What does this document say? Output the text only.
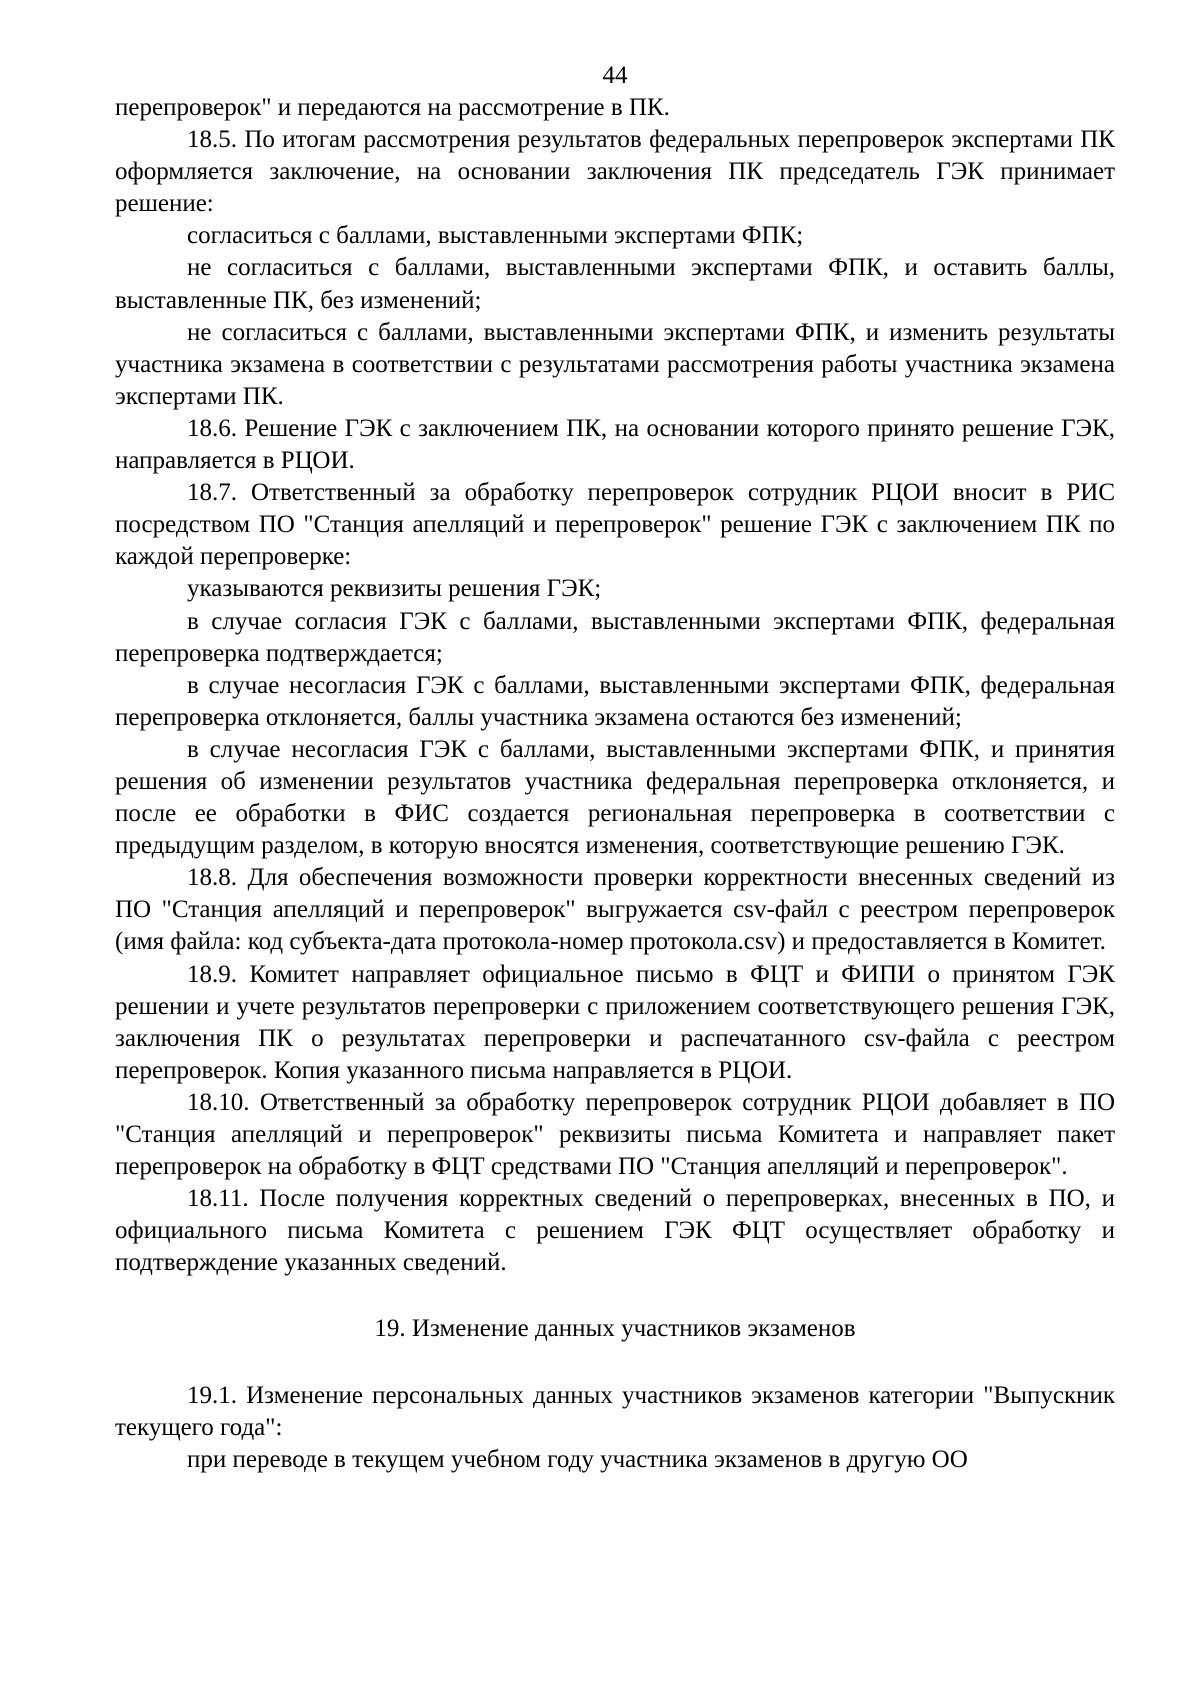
44

перепроверок" и передаются на рассмотрение в ПК.

18.5. По итогам рассмотрения результатов федеральных перепроверок экспертами ПК оформляется заключение, на основании заключения ПК председатель ГЭК принимает решение:

согласиться с баллами, выставленными экспертами ФПК;

не согласиться с баллами, выставленными экспертами ФПК, и оставить баллы, выставленные ПК, без изменений;

не согласиться с баллами, выставленными экспертами ФПК, и изменить результаты участника экзамена в соответствии с результатами рассмотрения работы участника экзамена экспертами ПК.

18.6. Решение ГЭК с заключением ПК, на основании которого принято решение ГЭК, направляется в РЦОИ.

18.7. Ответственный за обработку перепроверок сотрудник РЦОИ вносит в РИС посредством ПО "Станция апелляций и перепроверок" решение ГЭК с заключением ПК по каждой перепроверке:

указываются реквизиты решения ГЭК;

в случае согласия ГЭК с баллами, выставленными экспертами ФПК, федеральная перепроверка подтверждается;

в случае несогласия ГЭК с баллами, выставленными экспертами ФПК, федеральная перепроверка отклоняется, баллы участника экзамена остаются без изменений;

в случае несогласия ГЭК с баллами, выставленными экспертами ФПК, и принятия решения об изменении результатов участника федеральная перепроверка отклоняется, и после ее обработки в ФИС создается региональная перепроверка в соответствии с предыдущим разделом, в которую вносятся изменения, соответствующие решению ГЭК.

18.8. Для обеспечения возможности проверки корректности внесенных сведений из ПО "Станция апелляций и перепроверок" выгружается csv-файл с реестром перепроверок (имя файла: код субъекта-дата протокола-номер протокола.csv) и предоставляется в Комитет.

18.9. Комитет направляет официальное письмо в ФЦТ и ФИПИ о принятом ГЭК решении и учете результатов перепроверки с приложением соответствующего решения ГЭК, заключения ПК о результатах перепроверки и распечатанного csv-файла с реестром перепроверок. Копия указанного письма направляется в РЦОИ.

18.10. Ответственный за обработку перепроверок сотрудник РЦОИ добавляет в ПО "Станция апелляций и перепроверок" реквизиты письма Комитета и направляет пакет перепроверок на обработку в ФЦТ средствами ПО "Станция апелляций и перепроверок".

18.11. После получения корректных сведений о перепроверках, внесенных в ПО, и официального письма Комитета с решением ГЭК ФЦТ осуществляет обработку и подтверждение указанных сведений.

19. Изменение данных участников экзаменов

19.1. Изменение персональных данных участников экзаменов категории "Выпускник текущего года":

при переводе в текущем учебном году участника экзаменов в другую ОО
